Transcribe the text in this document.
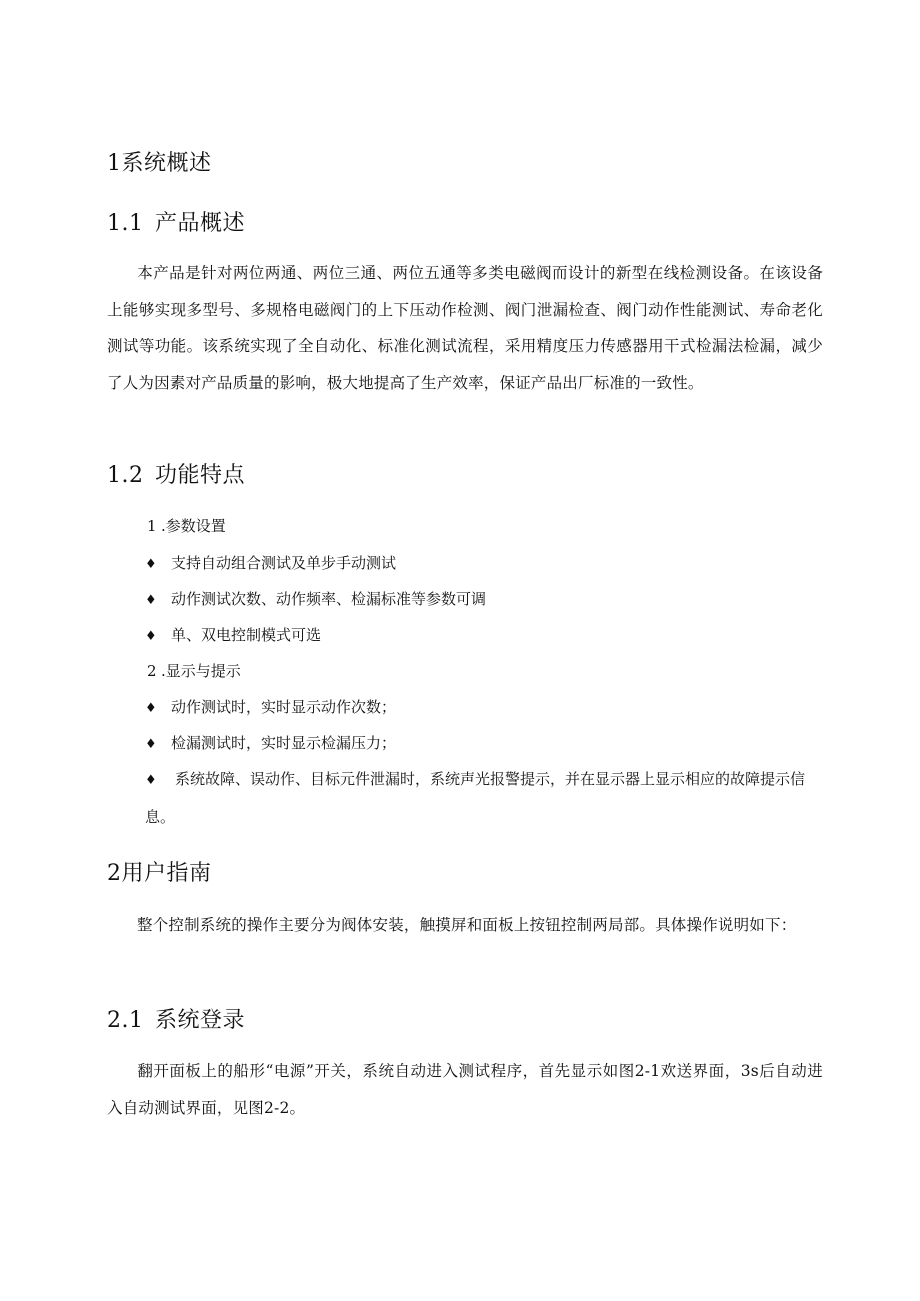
1系统概述
1.1 产品概述
本产品是针对两位两通、两位三通、两位五通等多类电磁阀而设计的新型在线检测设备。在该设备上能够实现多型号、多规格电磁阀门的上下压动作检测、阀门泄漏检查、阀门动作性能测试、寿命老化测试等功能。该系统实现了全自动化、标准化测试流程，采用精度压力传感器用干式检漏法检漏，减少了人为因素对产品质量的影响，极大地提高了生产效率，保证产品出厂标准的一致性。
1.2 功能特点
1 .参数设置
♦ 支持自动组合测试及单步手动测试
♦ 动作测试次数、动作频率、检漏标准等参数可调
♦ 单、双电控制模式可选
2 .显示与提示
♦ 动作测试时，实时显示动作次数；
♦ 检漏测试时，实时显示检漏压力；
♦ 系统故障、误动作、目标元件泄漏时，系统声光报警提示，并在显示器上显示相应的故障提示信息。
2用户指南
整个控制系统的操作主要分为阀体安装，触摸屏和面板上按钮控制两局部。具体操作说明如下：
2.1 系统登录
翻开面板上的船形“电源”开关，系统自动进入测试程序，首先显示如图2-1欢送界面，3s后自动进入自动测试界面，见图2-2。
